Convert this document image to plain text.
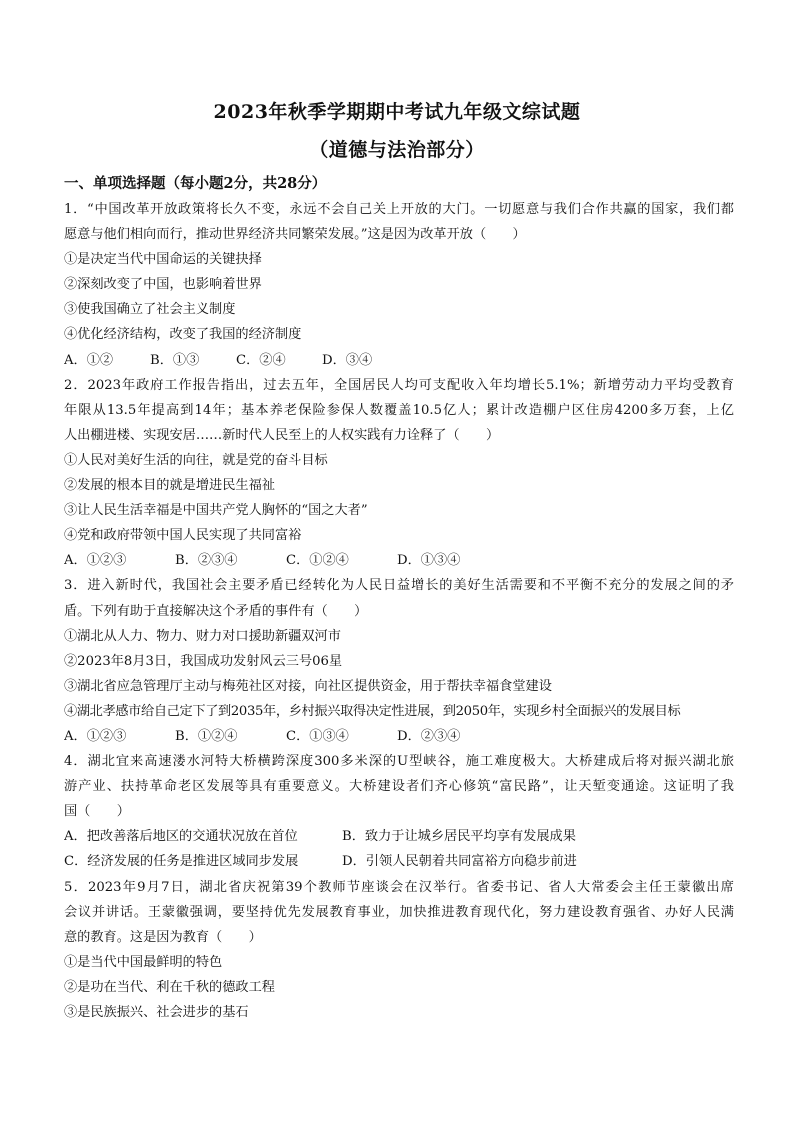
2023年秋季学期期中考试九年级文综试题
（道德与法治部分）
一、单项选择题（每小题2分，共28分）
1．“中国改革开放政策将长久不变，永远不会自己关上开放的大门。一切愿意与我们合作共赢的国家，我们都
愿意与他们相向而行，推动世界经济共同繁荣发展。”这是因为改革开放（　　）
①是决定当代中国命运的关键抉择
②深刻改变了中国，也影响着世界
③使我国确立了社会主义制度
④优化经济结构，改变了我国的经济制度
A．①②	B．①③	C．②④	D．③④
2．2023年政府工作报告指出，过去五年，全国居民人均可支配收入年均增长5.1%；新增劳动力平均受教育
年限从13.5年提高到14年；基本养老保险参保人数覆盖10.5亿人；累计改造棚户区住房4200多万套，上亿
人出棚进楼、实现安居……新时代人民至上的人权实践有力诠释了（　　）
①人民对美好生活的向往，就是党的奋斗目标
②发展的根本目的就是增进民生福祉
③让人民生活幸福是中国共产党人胸怀的“国之大者”
④党和政府带领中国人民实现了共同富裕
A．①②③	B．②③④	C．①②④	D．①③④
3．进入新时代，我国社会主要矛盾已经转化为人民日益增长的美好生活需要和不平衡不充分的发展之间的矛
盾。下列有助于直接解决这个矛盾的事件有（　　）
①湖北从人力、物力、财力对口援助新疆双河市
②2023年8月3日，我国成功发射风云三号06星
③湖北省应急管理厅主动与梅苑社区对接，向社区提供资金，用于帮扶幸福食堂建设
④湖北孝感市给自己定下了到2035年，乡村振兴取得决定性进展，到2050年，实现乡村全面振兴的发展目标
A．①②③	B．①②④	C．①③④	D．②③④
4．湖北宜来高速溇水河特大桥横跨深度300多米深的U型峡谷，施工难度极大。大桥建成后将对振兴湖北旅
游产业、扶持革命老区发展等具有重要意义。大桥建设者们齐心修筑“富民路”，让天堑变通途。这证明了我
国（　　）
A．把改善落后地区的交通状况放在首位	B．致力于让城乡居民平均享有发展成果
C．经济发展的任务是推进区域同步发展	D．引领人民朝着共同富裕方向稳步前进
5．2023年9月7日，湖北省庆祝第39个教师节座谈会在汉举行。省委书记、省人大常委会主任王蒙徽出席
会议并讲话。王蒙徽强调，要坚持优先发展教育事业，加快推进教育现代化，努力建设教育强省、办好人民满
意的教育。这是因为教育（　　）
①是当代中国最鲜明的特色
②是功在当代、利在千秋的德政工程
③是民族振兴、社会进步的基石
